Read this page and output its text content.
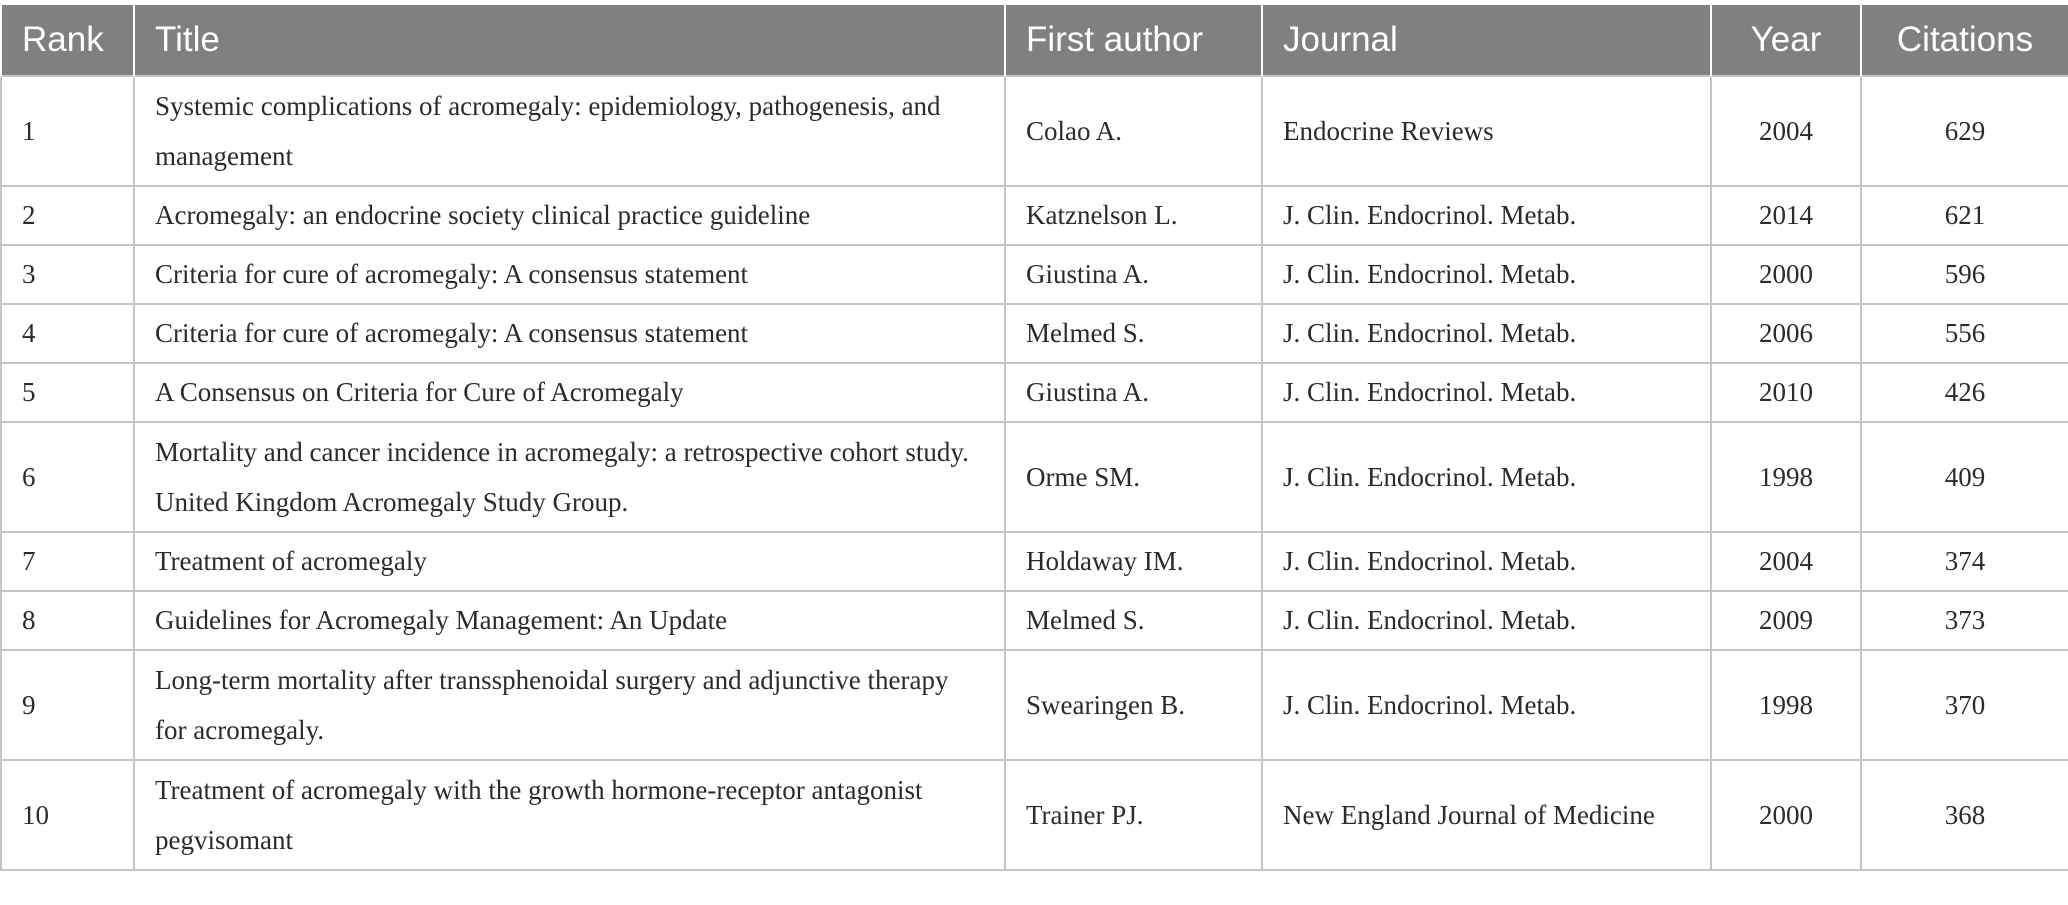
Rank	Title	First author	Journal	Year	Citations
1	Systemic complications of acromegaly: epidemiology, pathogenesis, and management	Colao A.	Endocrine Reviews	2004	629
2	Acromegaly: an endocrine society clinical practice guideline	Katznelson L.	J. Clin. Endocrinol. Metab.	2014	621
3	Criteria for cure of acromegaly: A consensus statement	Giustina A.	J. Clin. Endocrinol. Metab.	2000	596
4	Criteria for cure of acromegaly: A consensus statement	Melmed S.	J. Clin. Endocrinol. Metab.	2006	556
5	A Consensus on Criteria for Cure of Acromegaly	Giustina A.	J. Clin. Endocrinol. Metab.	2010	426
6	Mortality and cancer incidence in acromegaly: a retrospective cohort study. United Kingdom Acromegaly Study Group.	Orme SM.	J. Clin. Endocrinol. Metab.	1998	409
7	Treatment of acromegaly	Holdaway IM.	J. Clin. Endocrinol. Metab.	2004	374
8	Guidelines for Acromegaly Management: An Update	Melmed S.	J. Clin. Endocrinol. Metab.	2009	373
9	Long-term mortality after transsphenoidal surgery and adjunctive therapy for acromegaly.	Swearingen B.	J. Clin. Endocrinol. Metab.	1998	370
10	Treatment of acromegaly with the growth hormone-receptor antagonist pegvisomant	Trainer PJ.	New England Journal of Medicine	2000	368
